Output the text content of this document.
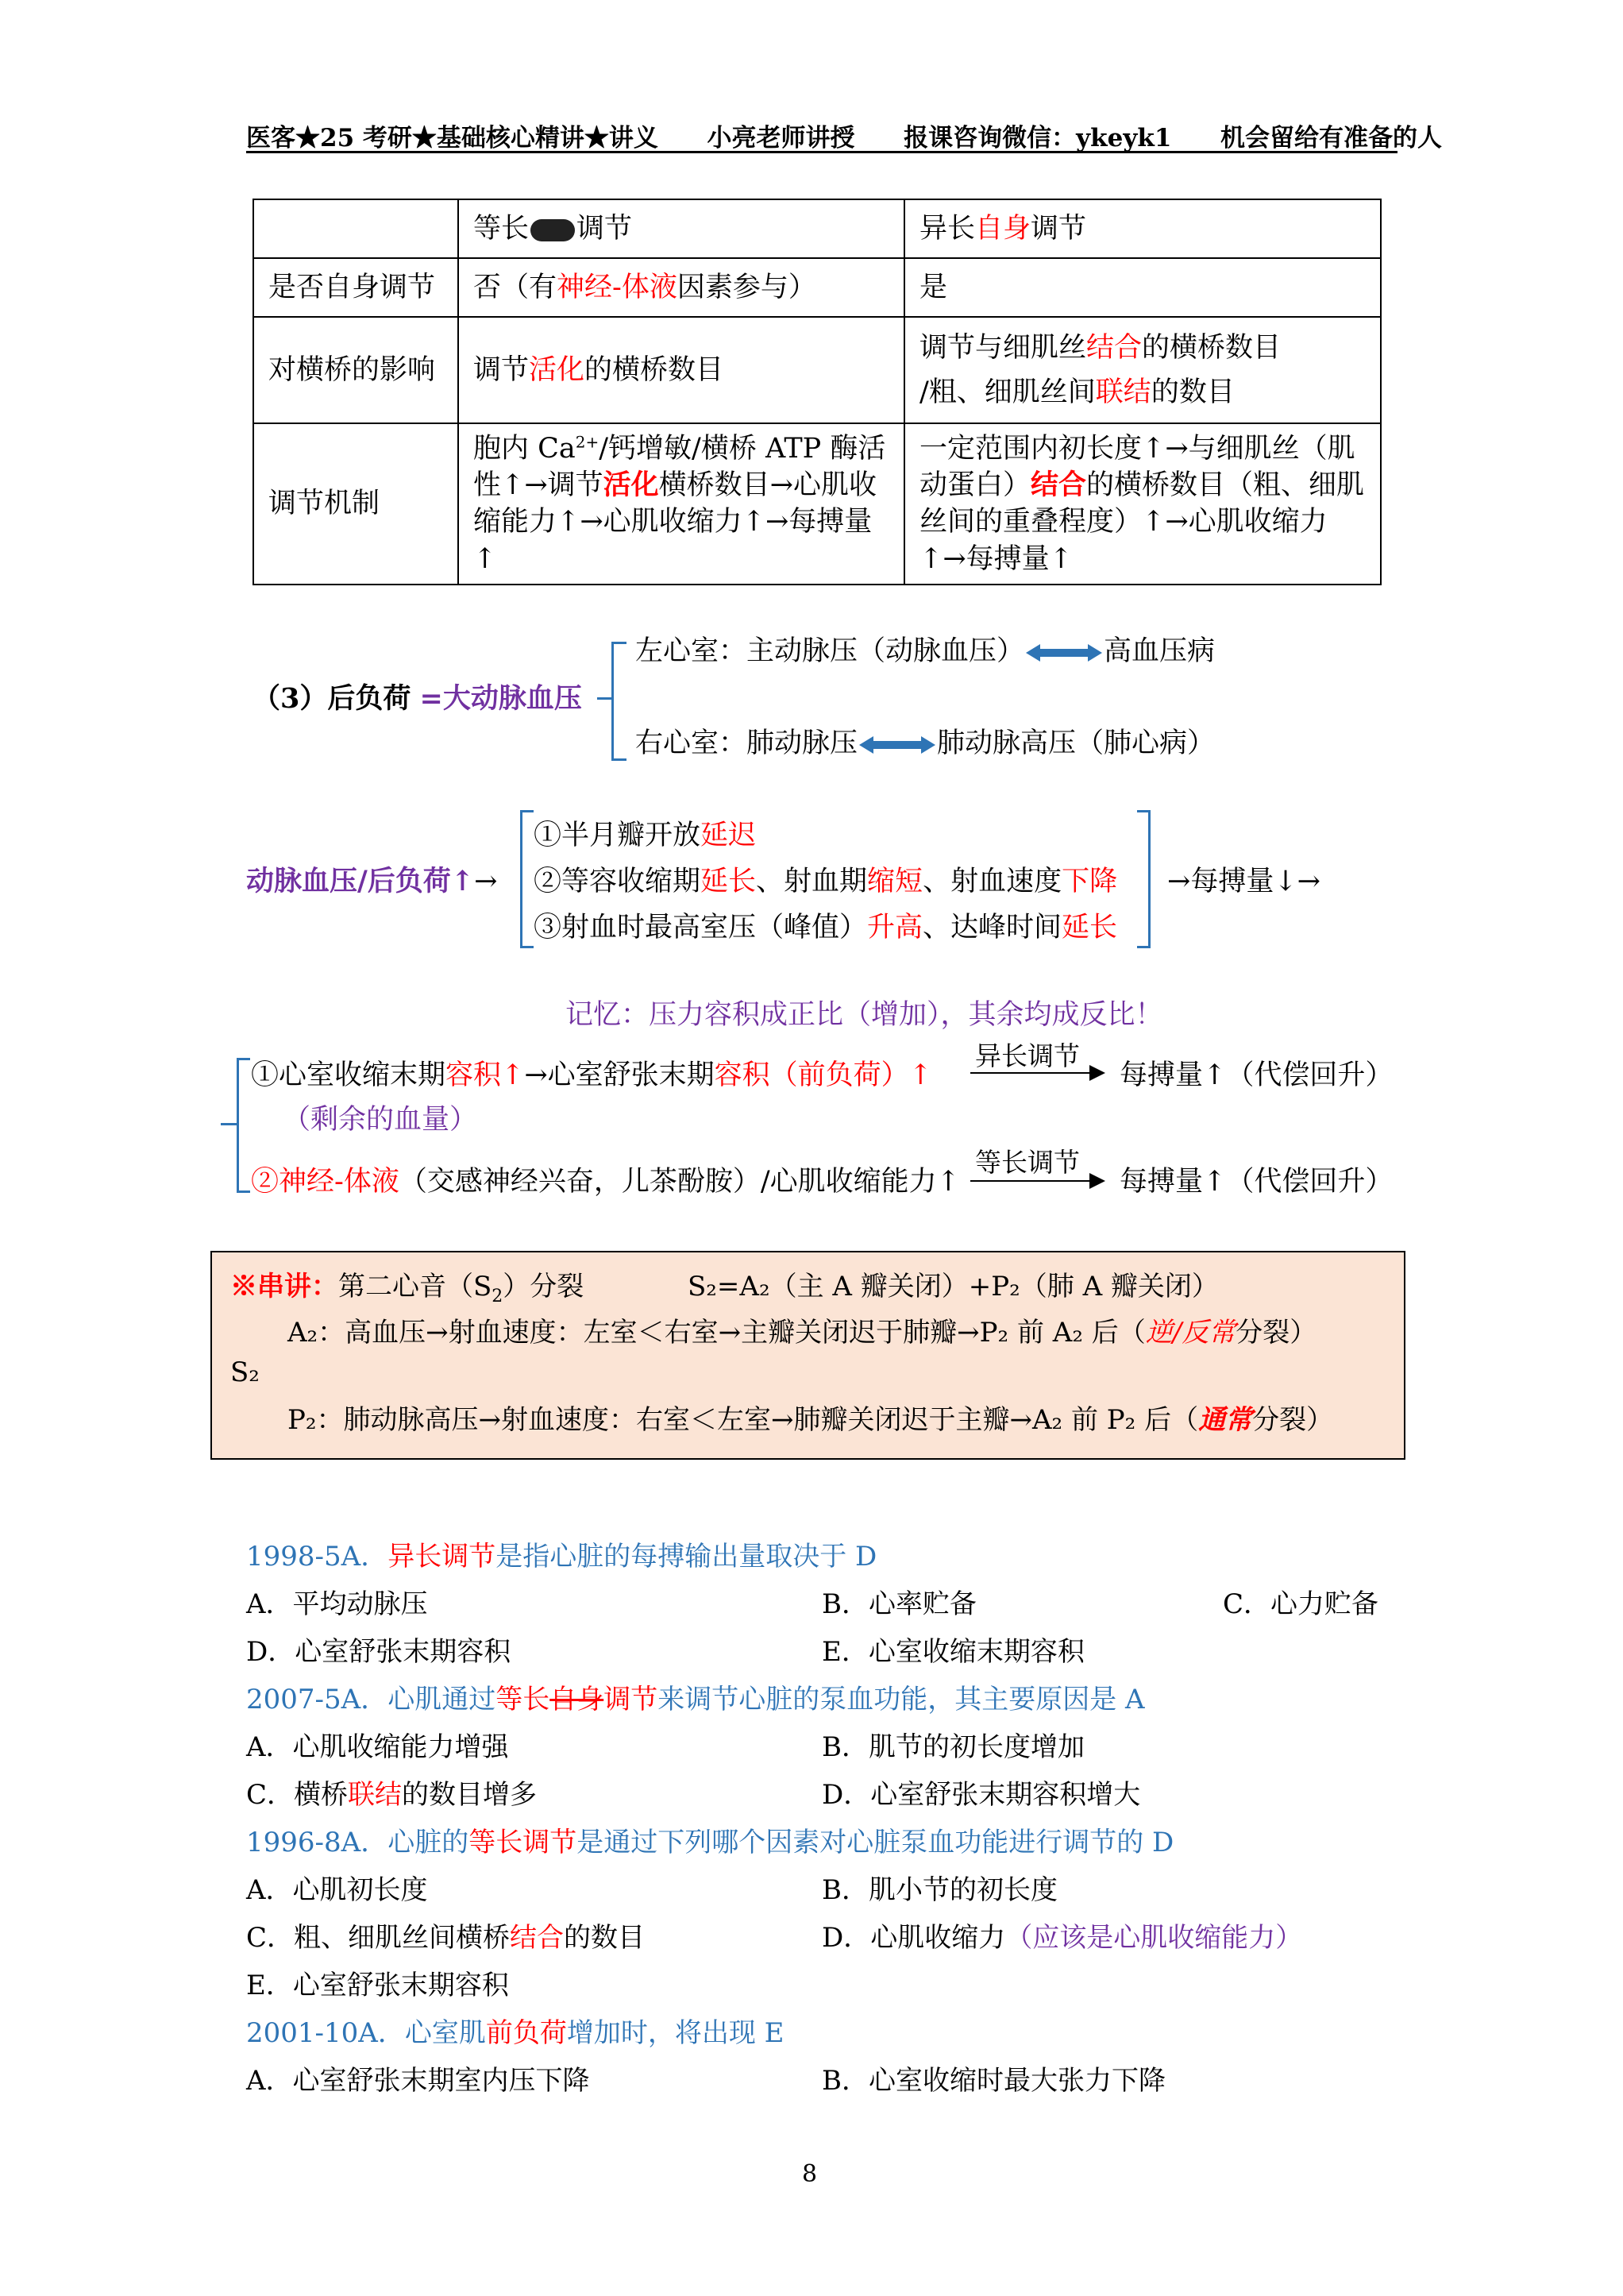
医客★25 考研★基础核心精讲★讲义 小亮老师讲授 报课咨询微信：ykeyk1 机会留给有准备的人
	等长 调节	异长自身调节
是否自身调节	否（有神经-体液因素参与）	是
对横桥的影响	调节活化的横桥数目	调节与细肌丝结合的横桥数目
/粗、细肌丝间联结的数目

调节机制	胞内 $Ca^{2+}/$钙增敏/横桥 ATP 酶活性↑→调节活化横桥数目→心肌收缩能力↑→心肌收缩力↑→每搏量↑	一定范围内初长度↑→与细肌丝（肌动蛋白）结合的横桥数目（粗、细肌丝间的重叠程度）↑→心肌收缩力↑→每搏量↑
（3）后负荷 =大动脉血压
左心室：主动脉压（动脉血压）	高血压病
右心室：肺动脉压	肺动脉高压（肺心病）
动脉血压/后负荷↑→
①半月瓣开放延迟
②等容收缩期延长、射血期缩短、射血速度下降
③射血时最高室压（峰值）升高、达峰时间延长
→每搏量↓→
记忆：压力容积成正比（增加），其余均成反比！
①心室收缩末期容积↑→心室舒张末期容积（前负荷）↑
异长调节
每搏量↑（代偿回升）
（剩余的血量）
②神经-体液（交感神经兴奋，儿茶酚胺）/心肌收缩能力↑
等长调节
每搏量↑（代偿回升）
※串讲：第二心音$(S_2)$分裂	S₂=A₂（主 A 瓣关闭）+P₂（肺 A 瓣关闭）
A₂：高血压→射血速度：左室＜右室→主瓣关闭迟于肺瓣→P₂ 前 A₂ 后（逆/反常分裂）
S₂
P₂：肺动脉高压→射血速度：右室＜左室→肺瓣关闭迟于主瓣→A₂ 前 P₂ 后（通常分裂）
1998-5A．异长调节是指心脏的每搏输出量取决于 D
A．平均动脉压	B．心率贮备	C．心力贮备
D．心室舒张末期容积	E．心室收缩末期容积
2007-5A．心肌通过等长自身调节来调节心脏的泵血功能，其主要原因是 A
A．心肌收缩能力增强	B．肌节的初长度增加
C．横桥联结的数目增多	D．心室舒张末期容积增大
1996-8A．心脏的等长调节是通过下列哪个因素对心脏泵血功能进行调节的 D
A．心肌初长度	B．肌小节的初长度
C．粗、细肌丝间横桥结合的数目	D．心肌收缩力（应该是心肌收缩能力）
E．心室舒张末期容积
2001-10A．心室肌前负荷增加时，将出现 E
A．心室舒张末期室内压下降	B．心室收缩时最大张力下降
8
